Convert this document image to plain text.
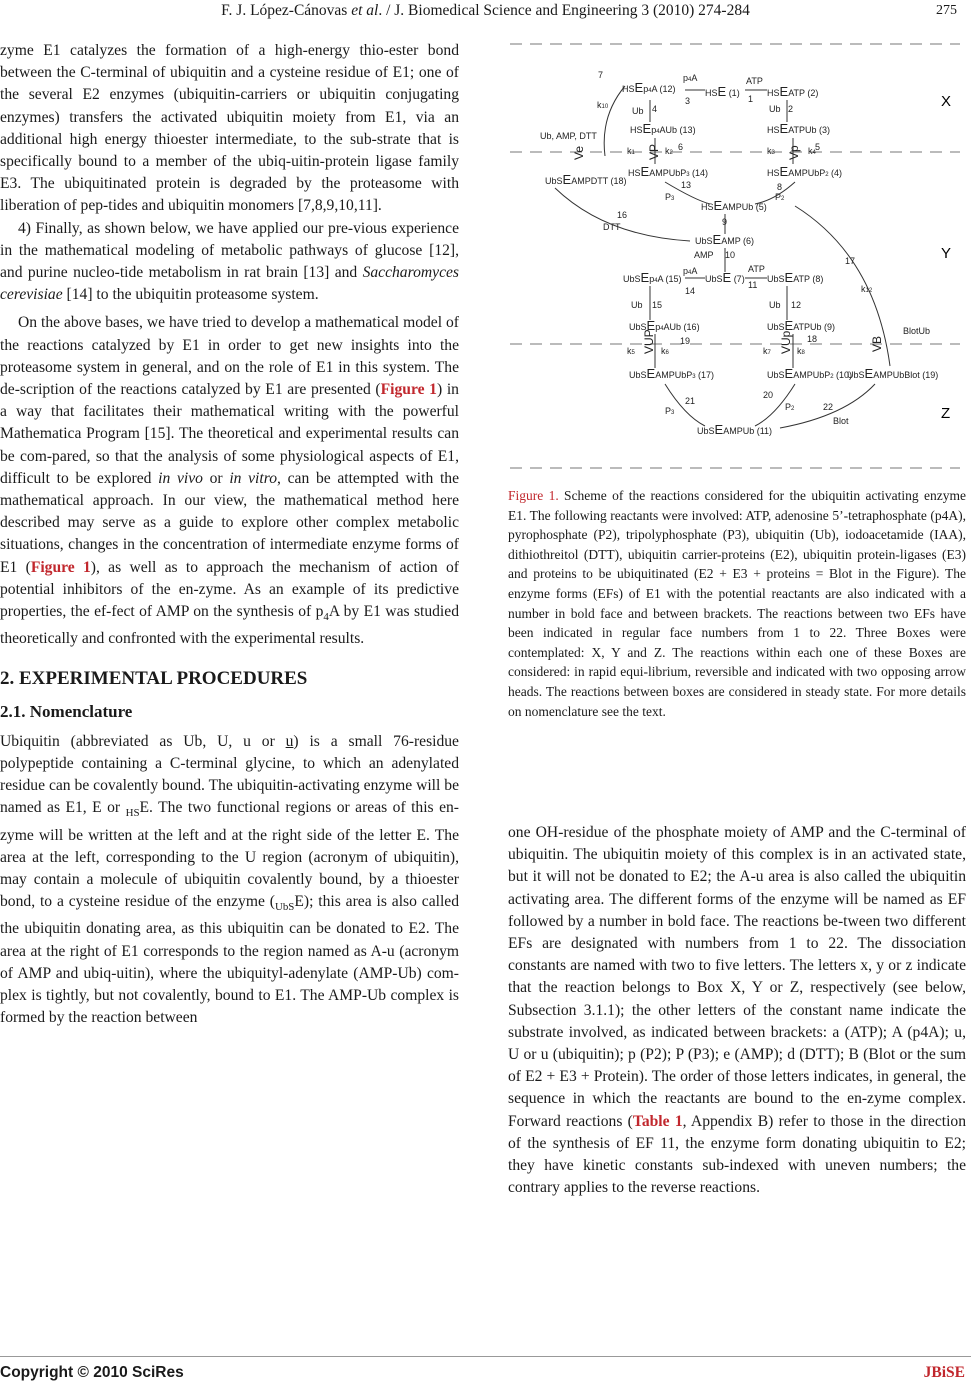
F. J. López-Cánovas et al. / J. Biomedical Science and Engineering 3 (2010) 274-284	275

zyme E1 catalyzes the formation of a high-energy thio-ester bond between the C-terminal of ubiquitin and a cysteine residue of E1; one of the several E2 enzymes (ubiquitin-carriers or ubiquitin conjugating enzymes) transfers the activated ubiquitin moiety from E1, via an additional high energy thioester intermediate, to the sub-strate that is specifically bound to a member of the ubiq-uitin-protein ligase family E3. The ubiquitinated protein is degraded by the proteasome with liberation of pep-tides and ubiquitin monomers [7,8,9,10,11].

4) Finally, as shown below, we have applied our pre-vious experience in the mathematical modeling of metabolic pathways of glucose [12], and purine nucleo-tide metabolism in rat brain [13] and Saccharomyces cerevisiae [14] to the ubiquitin proteasome system.

On the above bases, we have tried to develop a mathematical model of the reactions catalyzed by E1 in order to get new insights into the proteasome system in general, and on the role of E1 in this system. The de-scription of the reactions catalyzed by E1 are presented (Figure 1) in a way that facilitates their mathematical writing with the powerful Mathematica Program [15]. The theoretical and experimental results can be com-pared, so that the analysis of some physiological aspects of E1, difficult to be explored in vivo or in vitro, can be attempted with the mathematical approach. In our view, the mathematical method here described may serve as a guide to explore other complex metabolic situations, changes in the concentration of intermediate enzyme forms of E1 (Figure 1), as well as to approach the mechanism of action of potential inhibitors of the en-zyme. As an example of its predictive properties, the ef-fect of AMP on the synthesis of $p_4A$ by E1 was studied theoretically and confronted with the experimental results.

2. EXPERIMENTAL PROCEDURES
2.1. Nomenclature

Ubiquitin (abbreviated as Ub, U, u or u) is a small 76-residue polypeptide containing a C-terminal glycine, to which an adenylated residue can be covalently bound. The ubiquitin-activating enzyme will be named as E1, E or $_{HS}$E. The two functional regions or areas of this en-zyme will be written at the left and at the right side of the letter E. The area at the left, corresponding to the U region (acronym of ubiquitin), may contain a molecule of ubiquitin covalently bound, by a thioester bond, to a cysteine residue of the enzyme $(_{UbS}E)$; this area is also called the ubiquitin donating area, as this ubiquitin can be donated to E2. The area at the right of E1 corresponds to the region named as A-u (acronym of AMP and ubiq-uitin), where the ubiquityl-adenylate (AMP-Ub) com-plex is tightly, but not covalently, bound to E1. The AMP-Ub complex is formed by the reaction between

X
Y
Z
HSEp4A (12)
p4A
HSE (1)
ATP
HSEATP (2)
7
k10	Ub 4
3	1
Ub 2
HSEp4AUb (13)	HSEATPUb (3)
Ub, AMP, DTT
k1	k2
6	k3	k4
5
Ve	VP	Vp
HSEAMPUbP3 (14)	HSEAMPUbP2 (4)
UbSEAMPDTT (18)	13	8
P3	P2
HSEAMPUb (5)
16
DTT	9
UbSEAMP (6)
AMP 10
17
UbSEp4A (15)
p4A
UbSE (7)
ATP
UbSEATP (8)
14
11	k12
Ub 15	Ub 12
UbSEp4AUb (16)	UbSEATPUb (9)	BlotUb
19	18
k5	k6	k7	k8
VUP	VUp	VB
UbSEAMPUbP3 (17)	UbSEAMPUbP2 (10)
UbSEAMPUbBlot (19)
21
20
P3
P2	22
Blot
UbSEAMPUb (11)
Figure 1. Scheme of the reactions considered for the ubiquitin activating enzyme E1. The following reactants were involved: ATP, adenosine 5’-tetraphosphate (p4A), pyrophosphate (P2), tripolyphosphate (P3), ubiquitin (Ub), iodoacetamide (IAA), dithiothreitol (DTT), ubiquitin carrier-proteins (E2), ubiquitin protein-ligases (E3) and proteins to be ubiquitinated (E2 + E3 + proteins = Blot in the Figure). The enzyme forms (EFs) of E1 with the potential reactants are also indicated with a number in bold face and between brackets. The reactions between two EFs have been indicated in regular face numbers from 1 to 22. Three Boxes were contemplated: X, Y and Z. The reactions within each one of these Boxes are considered: in rapid equi-librium, reversible and indicated with two opposing arrow heads. The reactions between boxes are considered in steady state. For more details on nomenclature see the text.

one OH-residue of the phosphate moiety of AMP and the C-terminal of ubiquitin. The ubiquitin moiety of this complex is in an activated state, but it will not be donated to E2; the A-u area is also called the ubiquitin activating area. The different forms of the enzyme will be named as EF followed by a number in bold face. The reactions be-tween two different EFs are designated with numbers from 1 to 22. The dissociation constants are named with two to five letters. The letters x, y or z indicate that the reaction belongs to Box X, Y or Z, respectively (see below, Subsection 3.1.1); the other letters of the constant name indicate the substrate involved, as indicated between brackets: a (ATP); A (p4A); u, U or u (ubiquitin); p (P2); P (P3); e (AMP); d (DTT); B (Blot or the sum of E2 + E3 + Protein). The order of those letters indicates, in general, the sequence in which the reactants are bound to the en-zyme complex. Forward reactions (Table 1, Appendix B) refer to those in the direction of the synthesis of EF 11, the enzyme form donating ubiquitin to E2; they have kinetic constants sub-indexed with uneven numbers; the contrary applies to the reverse reactions.

Copyright © 2010 SciRes	JBiSE
